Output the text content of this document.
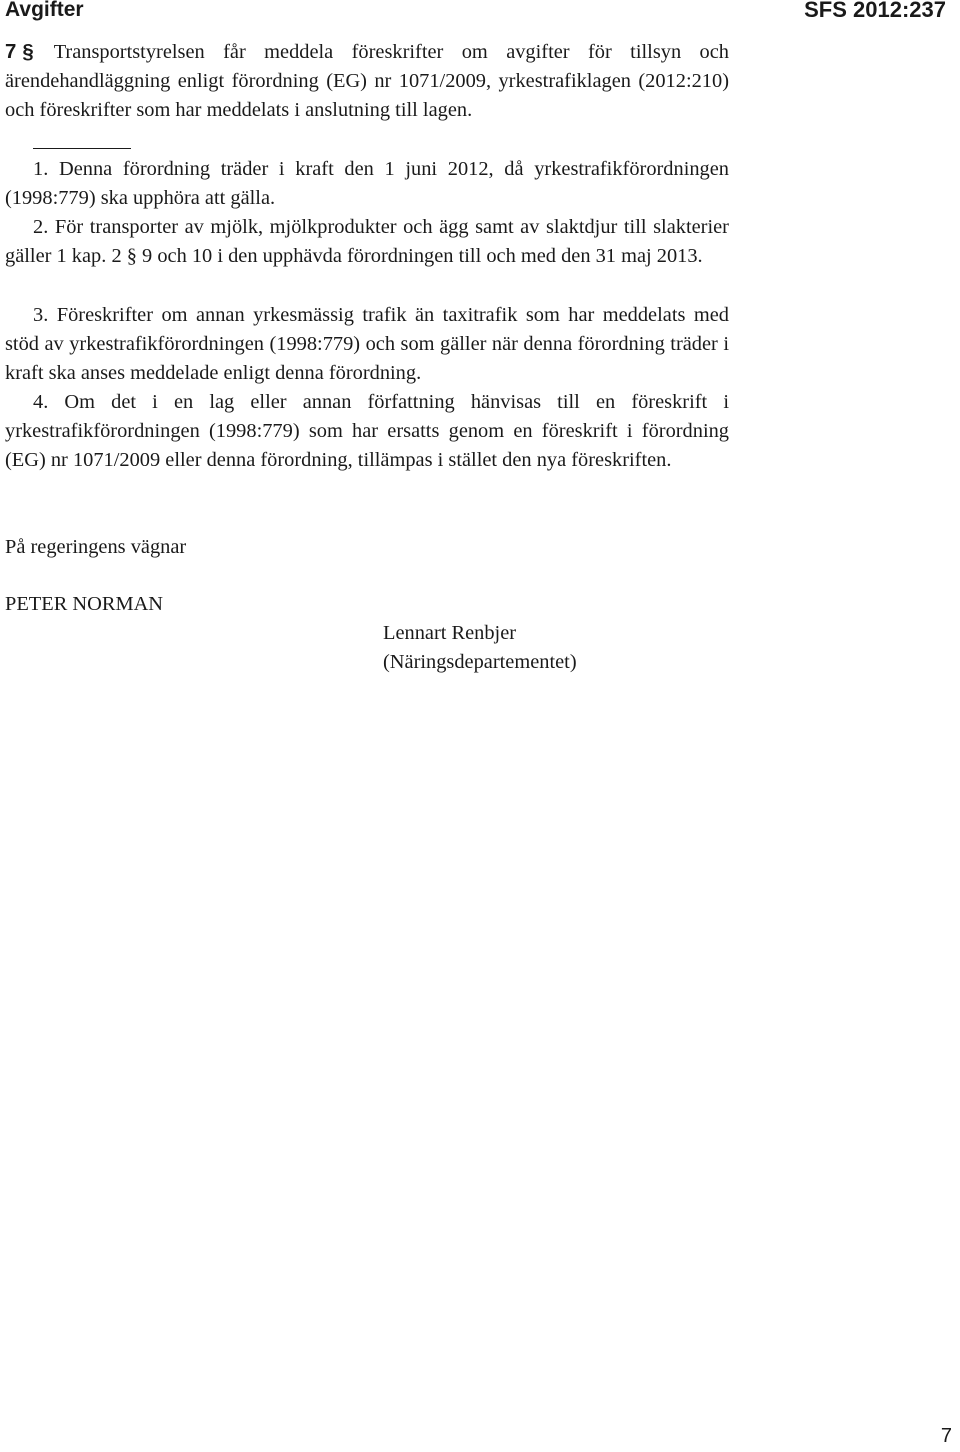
Avgifter	SFS 2012:237

7 § Transportstyrelsen får meddela föreskrifter om avgifter för tillsyn och ärendehandläggning enligt förordning (EG) nr 1071/2009, yrkestrafiklagen (2012:210) och föreskrifter som har meddelats i anslutning till lagen.

1. Denna förordning träder i kraft den 1 juni 2012, då yrkestrafikförordningen (1998:779) ska upphöra att gälla.

2. För transporter av mjölk, mjölkprodukter och ägg samt av slaktdjur till slakterier gäller 1 kap. 2 § 9 och 10 i den upphävda förordningen till och med den 31 maj 2013.

3. Föreskrifter om annan yrkesmässig trafik än taxitrafik som har meddelats med stöd av yrkestrafikförordningen (1998:779) och som gäller när denna förordning träder i kraft ska anses meddelade enligt denna förordning.

4. Om det i en lag eller annan författning hänvisas till en föreskrift i yrkestrafikförordningen (1998:779) som har ersatts genom en föreskrift i förordning (EG) nr 1071/2009 eller denna förordning, tillämpas i stället den nya föreskriften.

På regeringens vägnar
PETER NORMAN
Lennart Renbjer
(Näringsdepartementet)
7
